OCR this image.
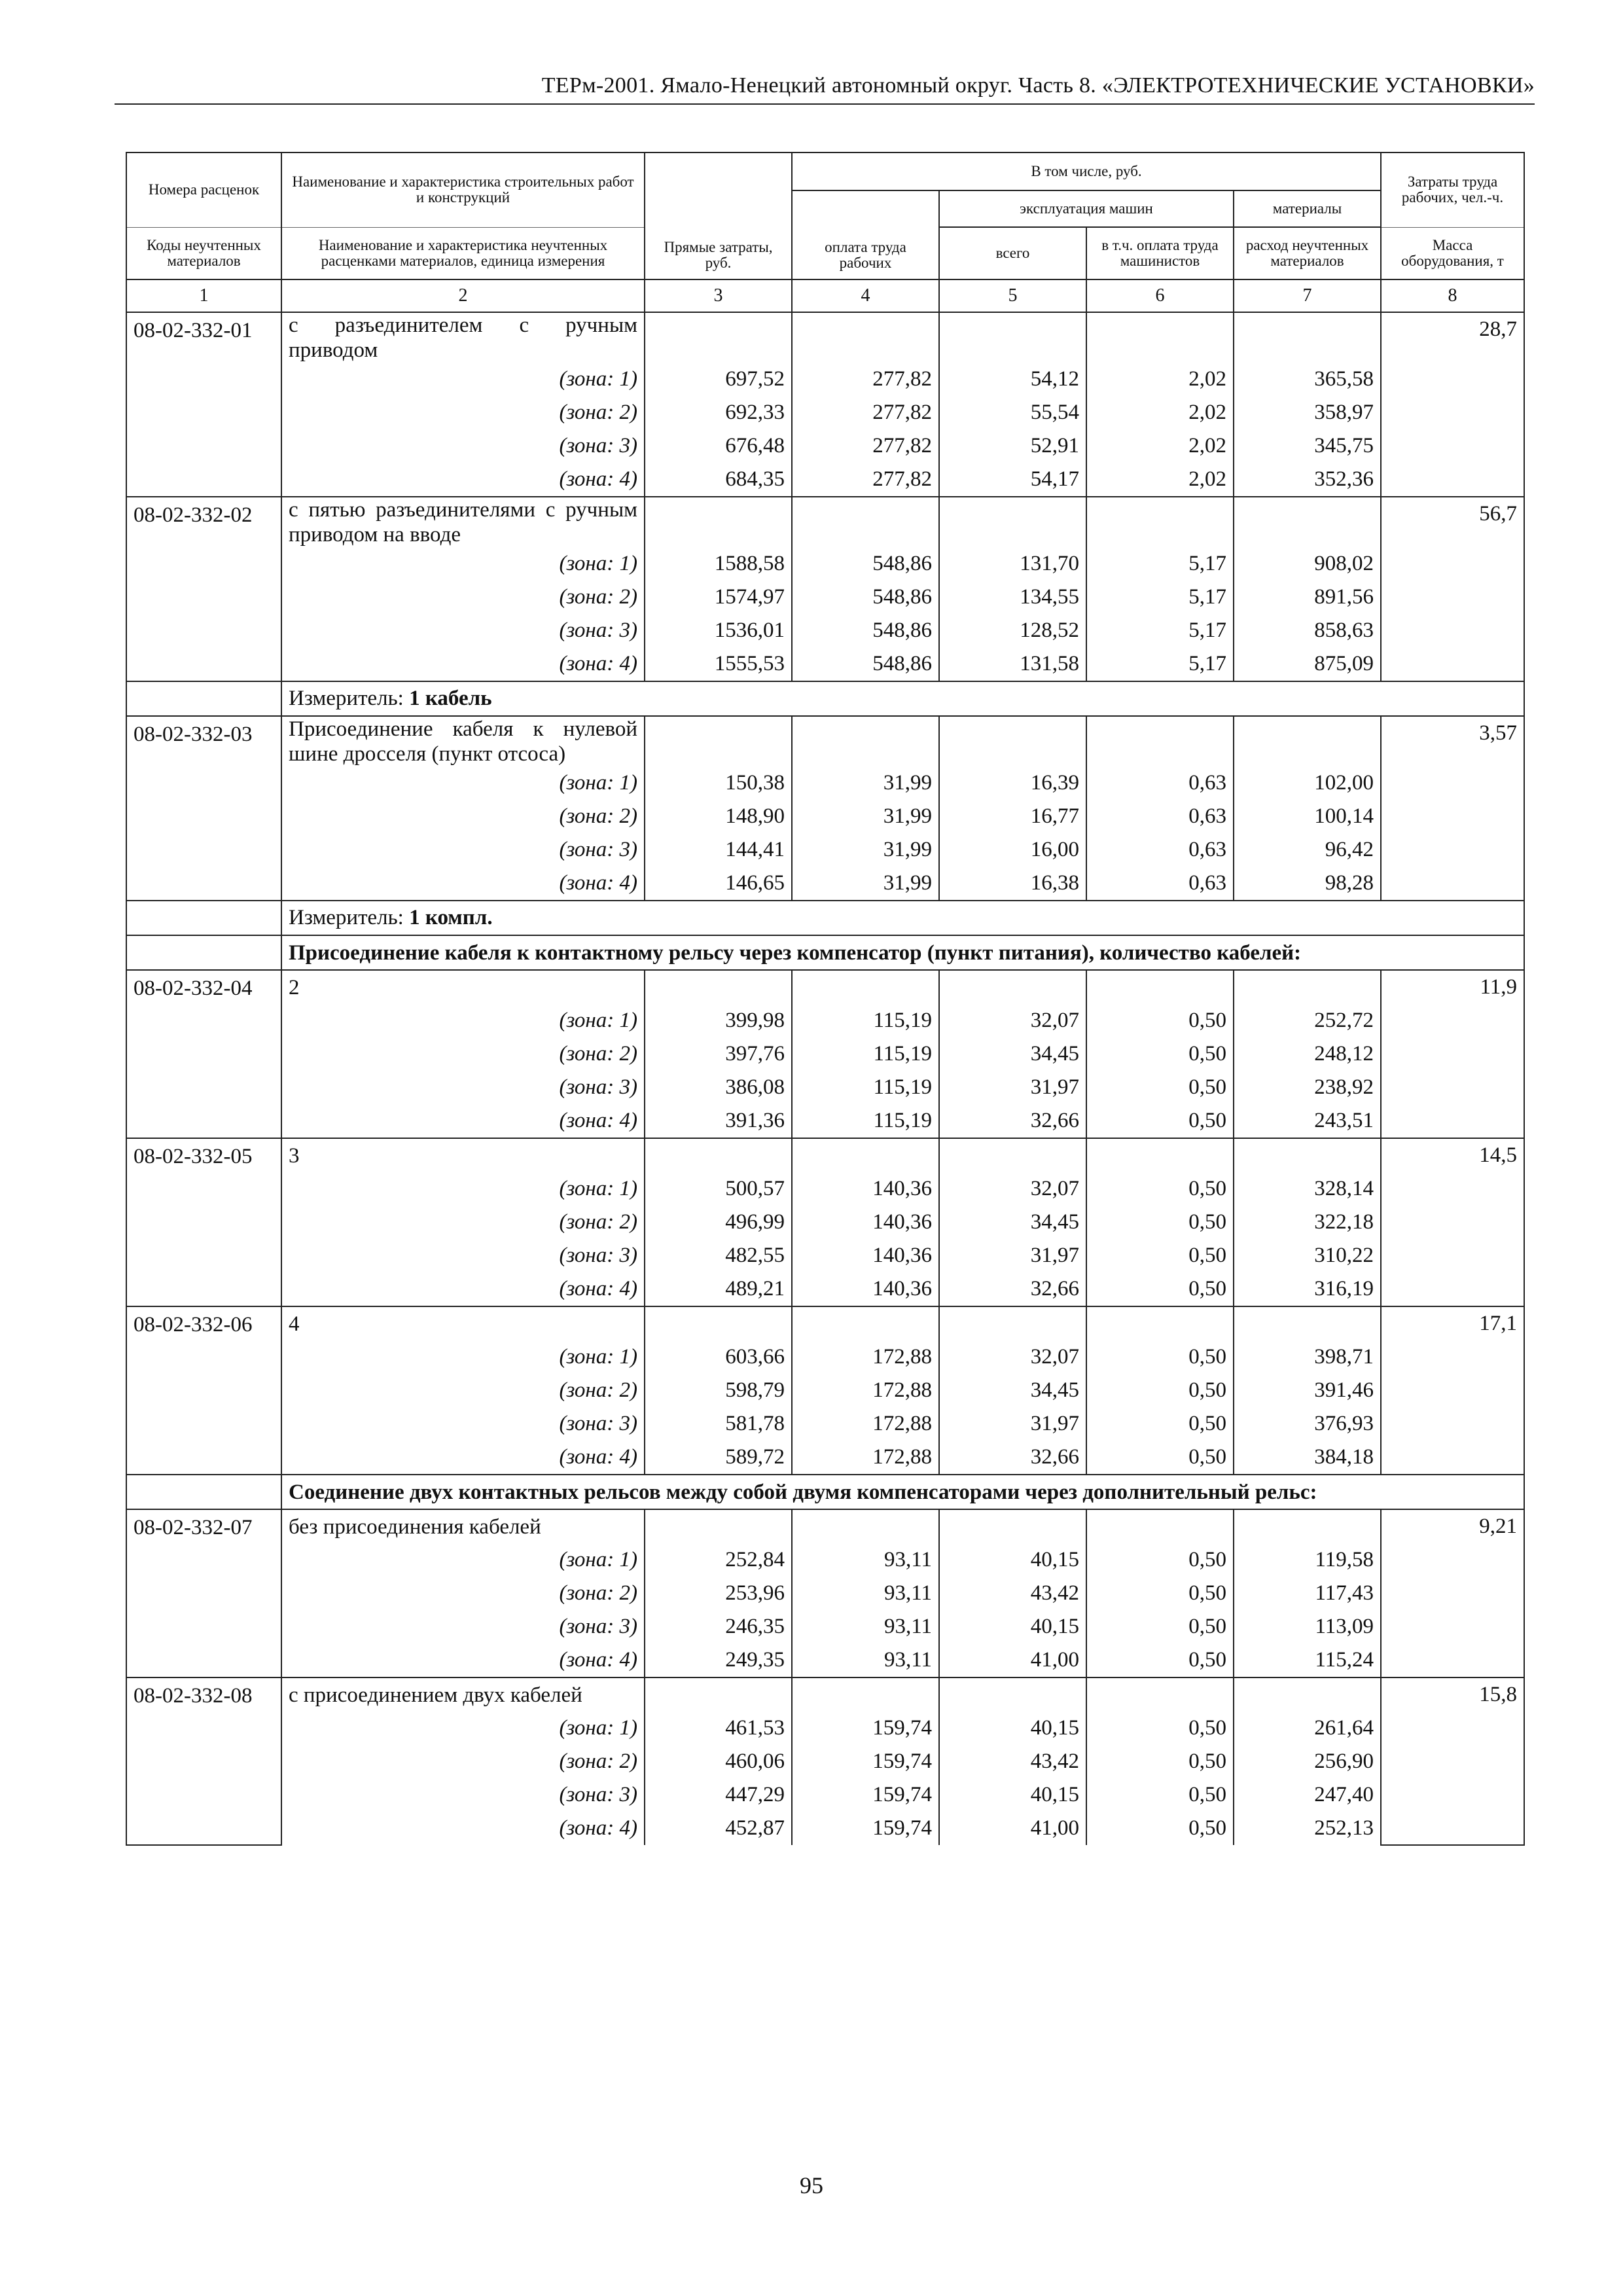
ТЕРм-2001. Ямало-Ненецкий автономный округ. Часть 8. «ЭЛЕКТРОТЕХНИЧЕСКИЕ УСТАНОВКИ»
Номера расценок	Наименование и характеристика строительных работ и конструкций	Прямые затраты, руб.	В том числе, руб.				Затраты труда рабочих, чел.-ч.
			оплата труда рабочих	эксплуатация машин		материалы	
Коды неучтенных материалов	Наименование и характеристика неучтенных расценками материалов, единица измерения			всего	в т.ч. оплата труда машинистов	расход неучтенных материалов	Масса оборудования, т
1	2	3	4	5	6	7	8
08-02-332-01	с разъединителем с ручным приводом						28,7
	(зона: 1)	697,52	277,82	54,12	2,02	365,58	
	(зона: 2)	692,33	277,82	55,54	2,02	358,97	
	(зона: 3)	676,48	277,82	52,91	2,02	345,75	
	(зона: 4)	684,35	277,82	54,17	2,02	352,36	
08-02-332-02	с пятью разъединителями с ручным приводом на вводе						56,7
	(зона: 1)	1588,58	548,86	131,70	5,17	908,02	
	(зона: 2)	1574,97	548,86	134,55	5,17	891,56	
	(зона: 3)	1536,01	548,86	128,52	5,17	858,63	
	(зона: 4)	1555,53	548,86	131,58	5,17	875,09	
	Измеритель: 1 кабель						
08-02-332-03	Присоединение кабеля к нулевой шине дросселя (пункт отсоса)						3,57
	(зона: 1)	150,38	31,99	16,39	0,63	102,00	
	(зона: 2)	148,90	31,99	16,77	0,63	100,14	
	(зона: 3)	144,41	31,99	16,00	0,63	96,42	
	(зона: 4)	146,65	31,99	16,38	0,63	98,28	
	Измеритель: 1 компл.						
	Присоединение кабеля к контактному рельсу через компенсатор (пункт питания), количество кабелей:						
08-02-332-04	2						11,9
	(зона: 1)	399,98	115,19	32,07	0,50	252,72	
	(зона: 2)	397,76	115,19	34,45	0,50	248,12	
	(зона: 3)	386,08	115,19	31,97	0,50	238,92	
	(зона: 4)	391,36	115,19	32,66	0,50	243,51	
08-02-332-05	3						14,5
	(зона: 1)	500,57	140,36	32,07	0,50	328,14	
	(зона: 2)	496,99	140,36	34,45	0,50	322,18	
	(зона: 3)	482,55	140,36	31,97	0,50	310,22	
	(зона: 4)	489,21	140,36	32,66	0,50	316,19	
08-02-332-06	4						17,1
	(зона: 1)	603,66	172,88	32,07	0,50	398,71	
	(зона: 2)	598,79	172,88	34,45	0,50	391,46	
	(зона: 3)	581,78	172,88	31,97	0,50	376,93	
	(зона: 4)	589,72	172,88	32,66	0,50	384,18	
	Соединение двух контактных рельсов между собой двумя компенсаторами через дополнительный рельс:						
08-02-332-07	без присоединения кабелей						9,21
	(зона: 1)	252,84	93,11	40,15	0,50	119,58	
	(зона: 2)	253,96	93,11	43,42	0,50	117,43	
	(зона: 3)	246,35	93,11	40,15	0,50	113,09	
	(зона: 4)	249,35	93,11	41,00	0,50	115,24	
08-02-332-08	с присоединением двух кабелей						15,8
	(зона: 1)	461,53	159,74	40,15	0,50	261,64	
	(зона: 2)	460,06	159,74	43,42	0,50	256,90	
	(зона: 3)	447,29	159,74	40,15	0,50	247,40	
	(зона: 4)	452,87	159,74	41,00	0,50	252,13	
95
